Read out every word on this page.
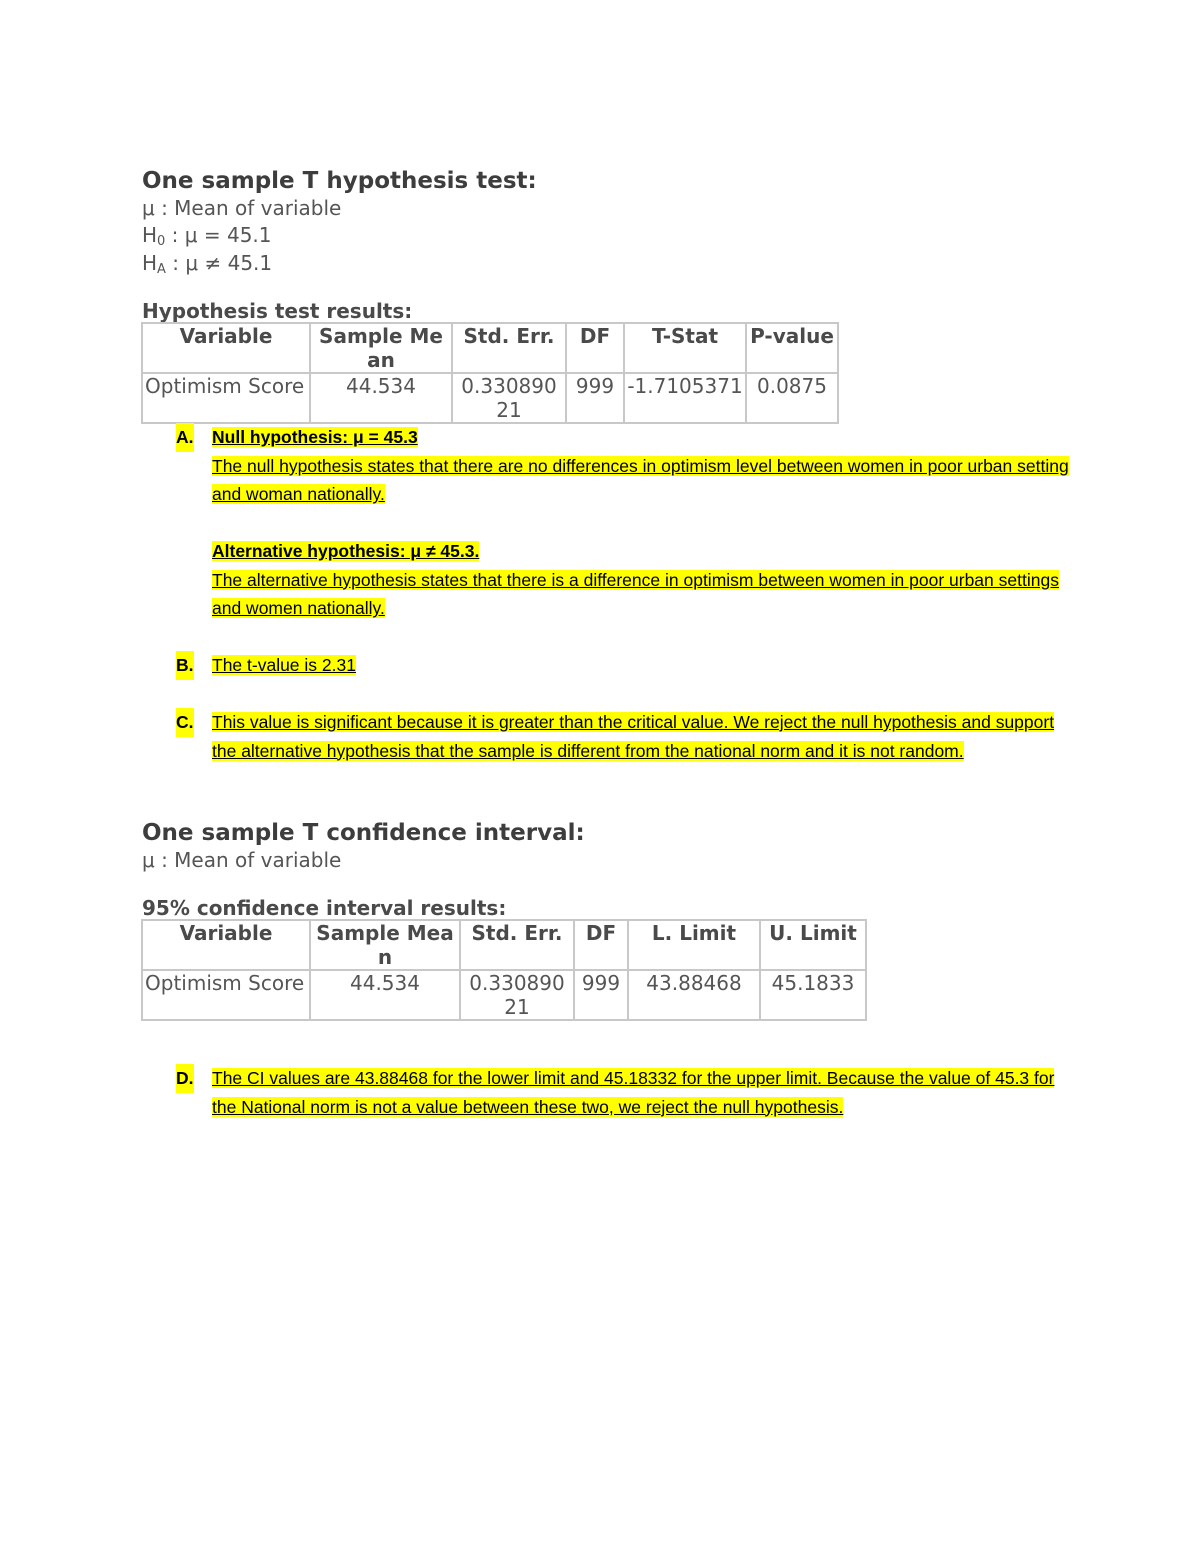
One sample T hypothesis test:
μ : Mean of variable
$H_0$ : μ = 45.1
$H_A$ : μ ≠ 45.1
Hypothesis test results:
Variable	Sample Mean	Std. Err.	DF	T-Stat	P-value
Optimism Score	44.534	0.33089021	999	-1.7105371	0.0875
A. Null hypothesis: μ = 45.3
The null hypothesis states that there are no differences in optimism level between women in poor urban setting and woman nationally.
Alternative hypothesis: μ ≠ 45.3.
The alternative hypothesis states that there is a difference in optimism between women in poor urban settings and women nationally.
B. The t-value is 2.31
C. This value is significant because it is greater than the critical value. We reject the null hypothesis and support the alternative hypothesis that the sample is different from the national norm and it is not random.
One sample T confidence interval:
μ : Mean of variable
95% confidence interval results:
Variable	Sample Mean	Std. Err.	DF	L. Limit	U. Limit
Optimism Score	44.534	0.33089021	999	43.88468	45.1833
D. The CI values are 43.88468 for the lower limit and 45.18332 for the upper limit. Because the value of 45.3 for the National norm is not a value between these two, we reject the null hypothesis.
